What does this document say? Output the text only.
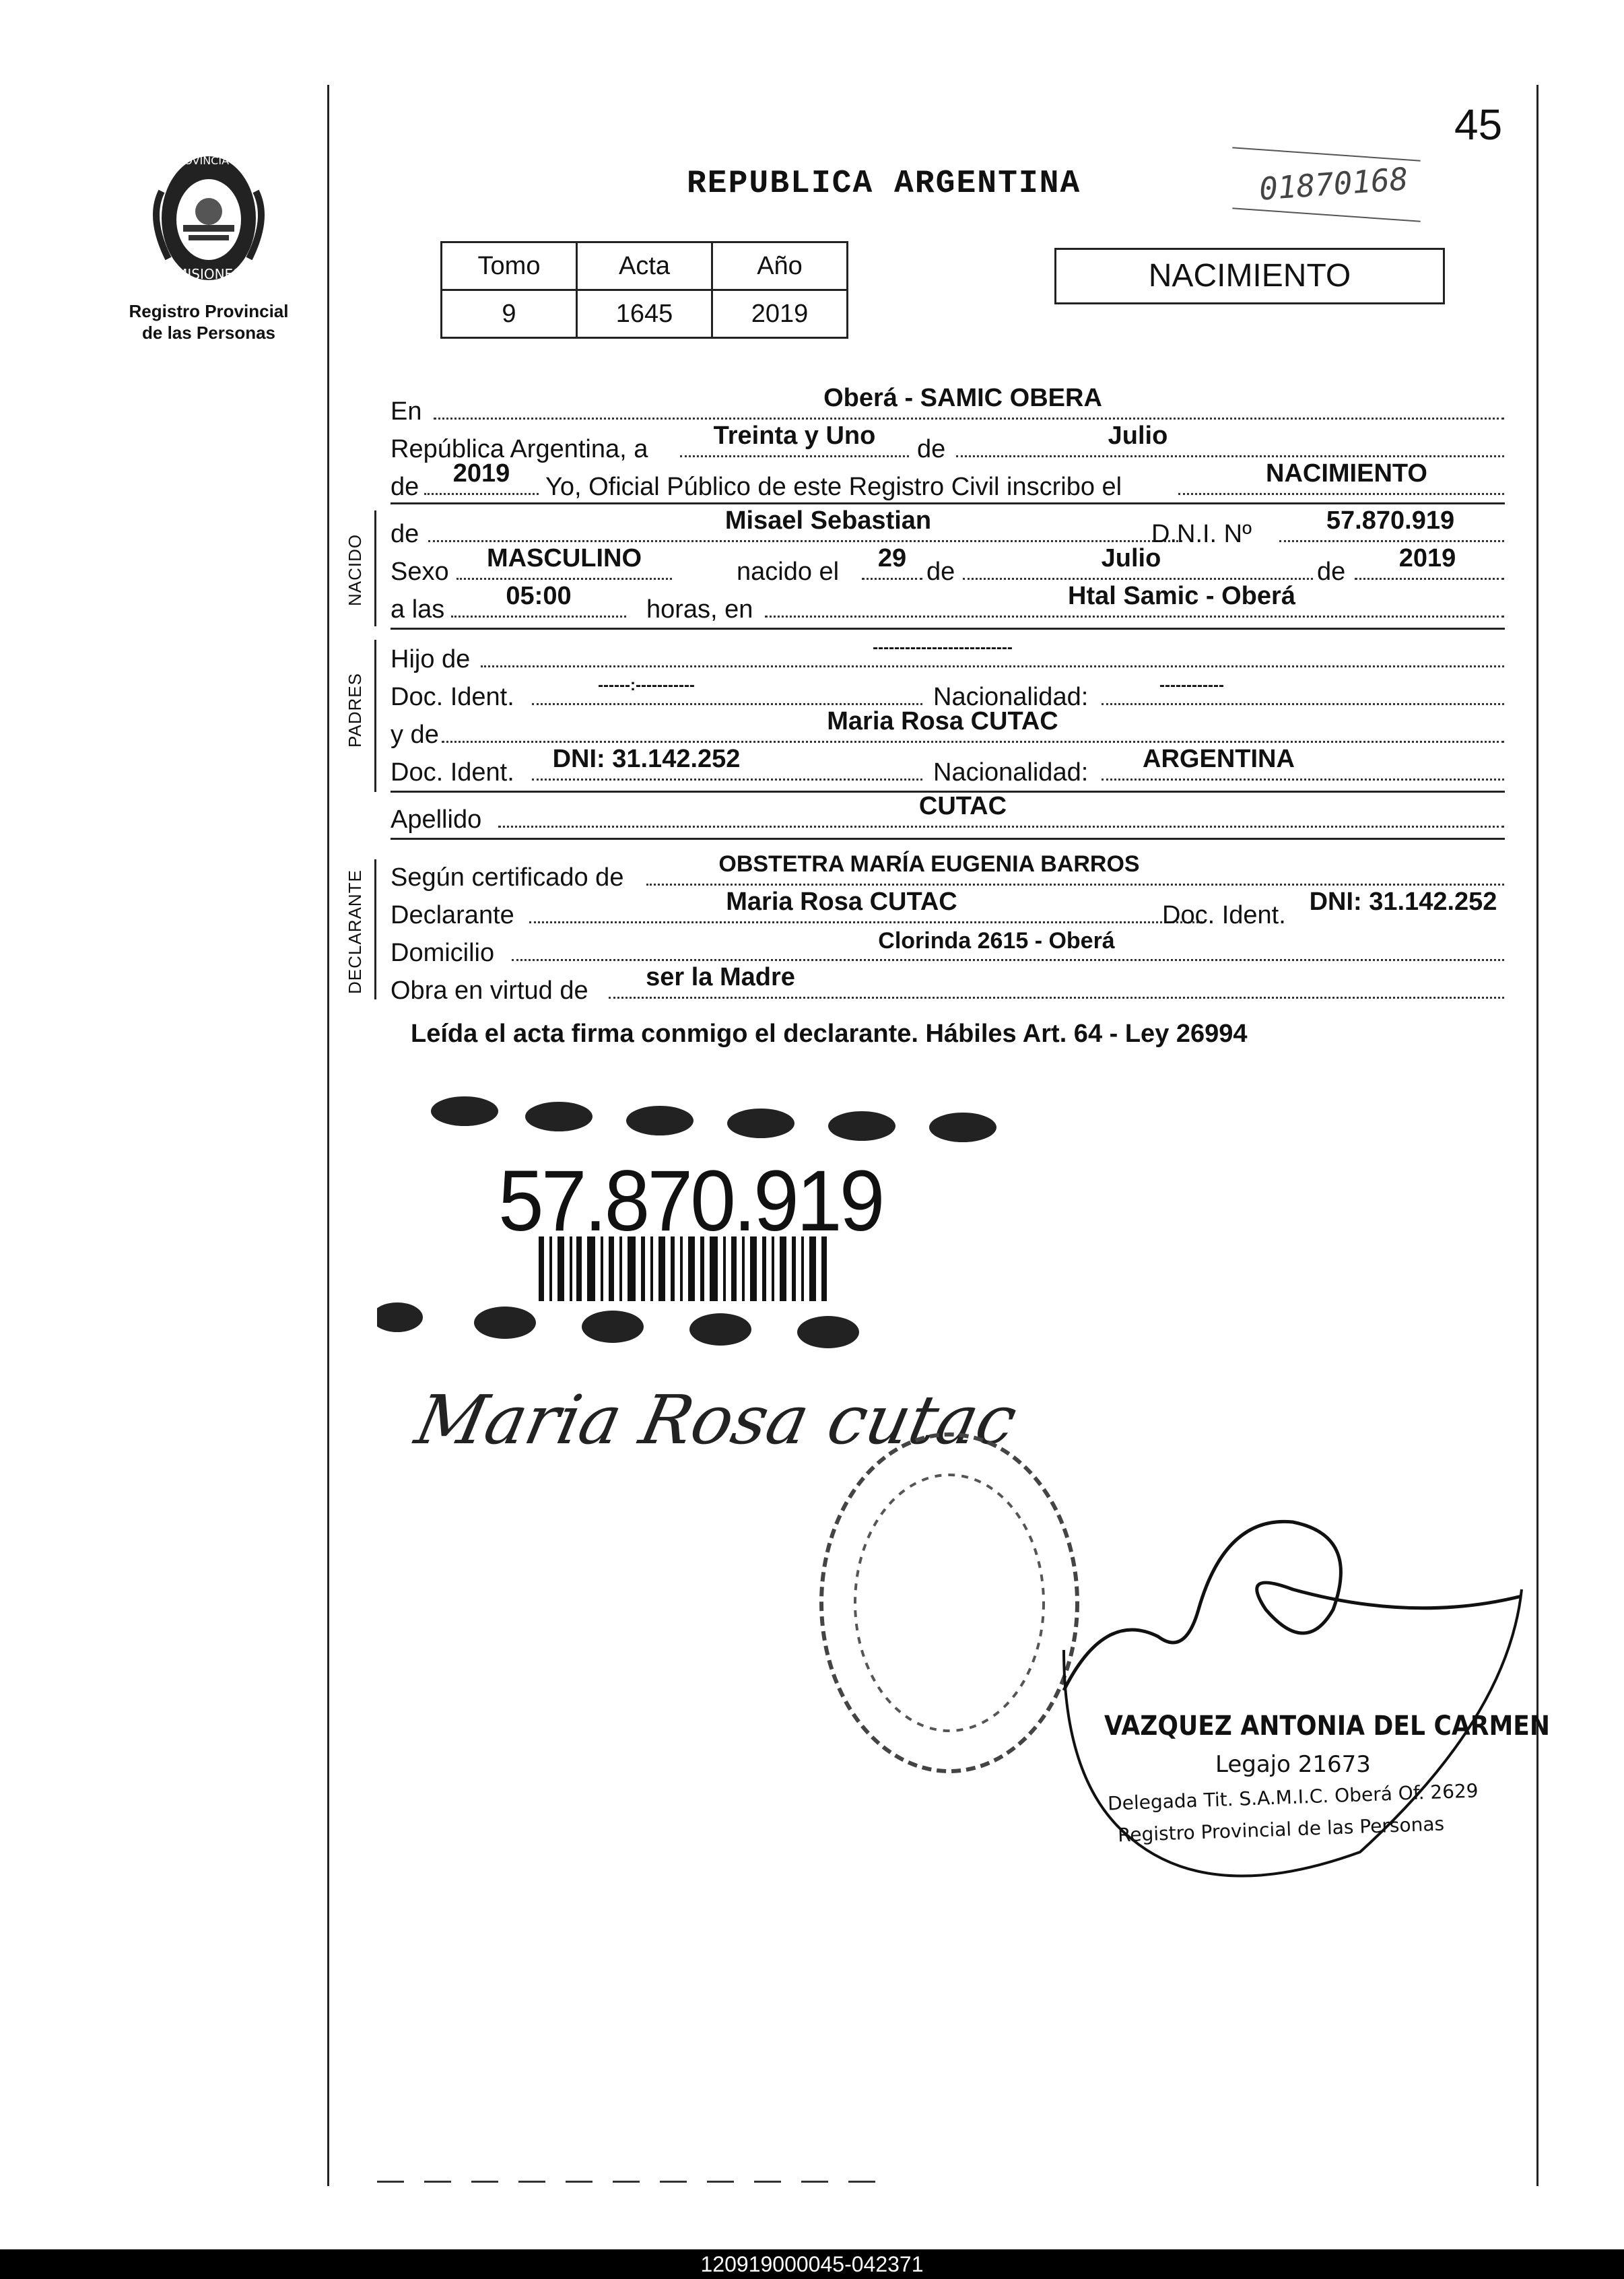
45
REPUBLICA ARGENTINA	01870168
PROVINCIA DE
MISIONES
Registro Provincial
de las Personas
Tomo	Acta	Año
9	1645	2019
NACIMIENTO
En	Oberá - SAMIC OBERA
República Argentina, a	Treinta y Uno	de	Julio
de	2019	Yo, Oficial Público de este Registro Civil inscribo el	NACIMIENTO
NACIDO de	Misael Sebastian	D.N.I. Nº	57.870.919
Sexo	MASCULINO	nacido el	29 de	Julio	de	2019
a las	05:00	horas, en	Htal Samic - Oberá
PADRES
Hijo de	--------------------------
Doc. Ident.	------:-----------	Nacionalidad:	------------
y de	Maria Rosa CUTAC
Doc. Ident.	DNI: 31.142.252	Nacionalidad:	ARGENTINA
Apellido	CUTAC
DECLARANTE Según certificado de	OBSTETRA MARÍA EUGENIA BARROS
Declarante	Maria Rosa CUTAC	Doc. Ident. DNI: 31.142.252
Domicilio	Clorinda 2615 - Oberá
Obra en virtud de ser la Madre
Leída el acta firma conmigo el declarante. Hábiles Art. 64 - Ley 26994
57.870.919
Maria Rosa cutac
VAZQUEZ ANTONIA DEL CARMEN
Legajo 21673
Delegada Tit. S.A.M.I.C. Oberá Of. 2629
Registro Provincial de las Personas
120919000045-042371
